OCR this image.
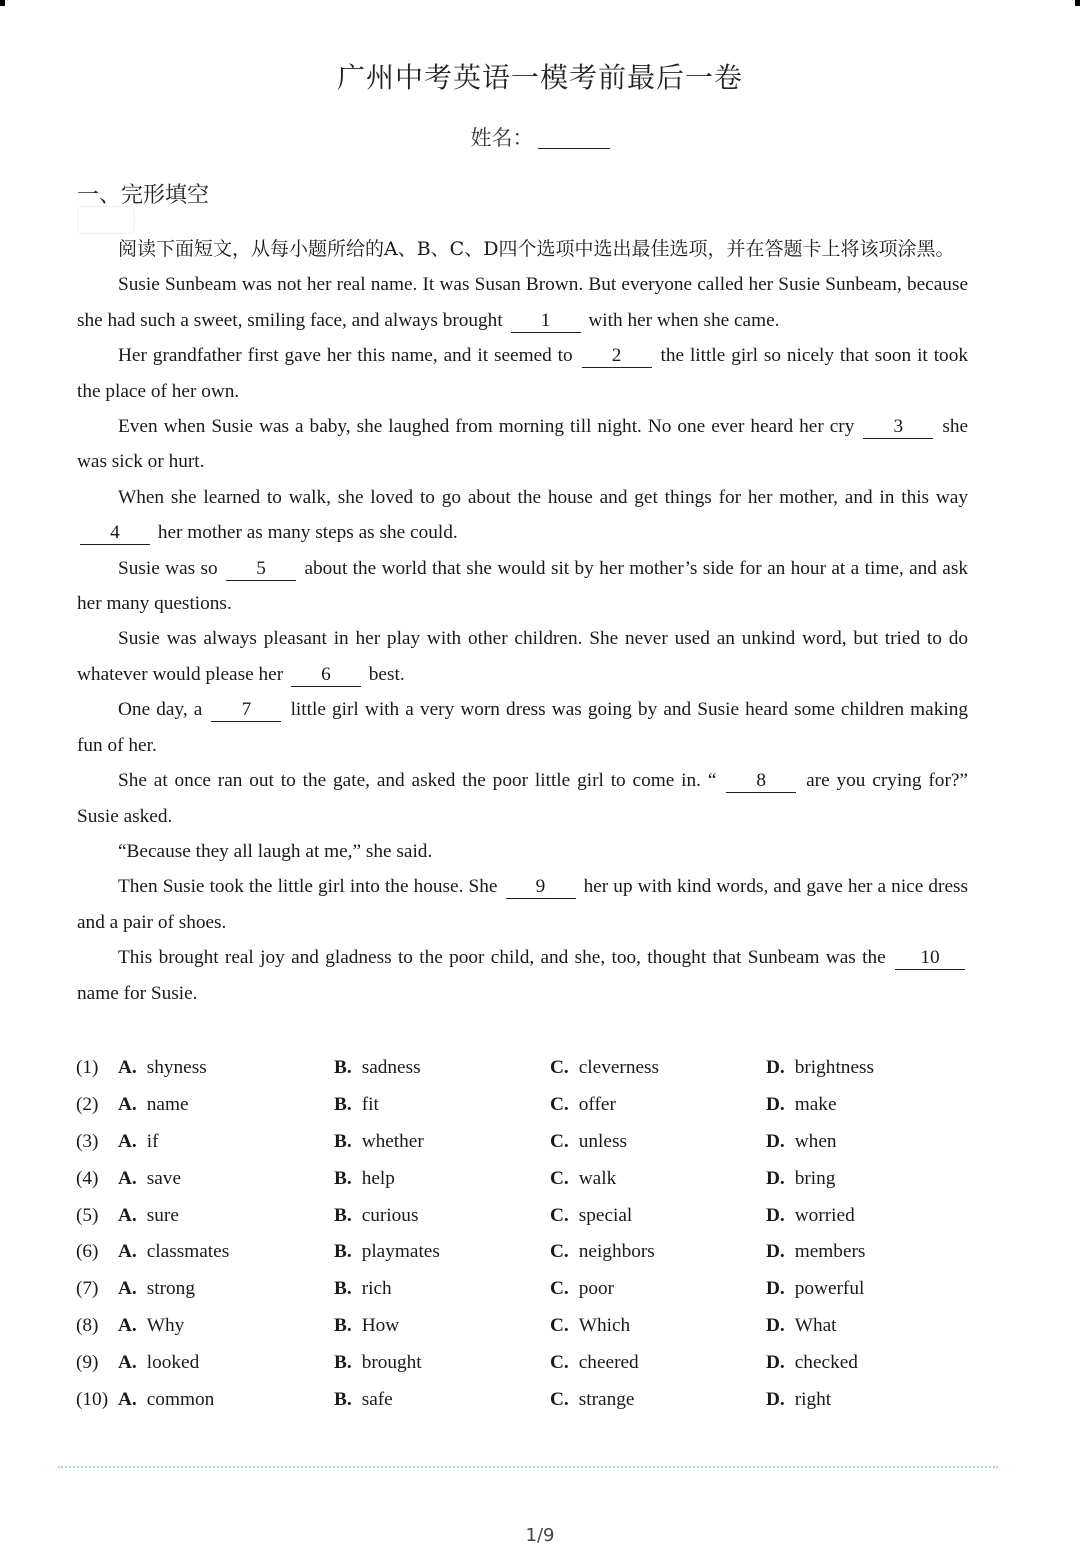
广州中考英语一模考前最后一卷
姓名：
一、完形填空

阅读下面短文，从每小题所给的A、B、C、D四个选项中选出最佳选项，并在答题卡上将该项涂黑。

Susie Sunbeam was not her real name. It was Susan Brown. But everyone called her Susie Sunbeam, because she had such a sweet, smiling face, and always brought 1 with her when she came.

Her grandfather first gave her this name, and it seemed to 2 the little girl so nicely that soon it took the place of her own.

Even when Susie was a baby, she laughed from morning till night. No one ever heard her cry 3 she was sick or hurt.

When she learned to walk, she loved to go about the house and get things for her mother, and in this way 4 her mother as many steps as she could.

Susie was so 5 about the world that she would sit by her mother’s side for an hour at a time, and ask her many questions.

Susie was always pleasant in her play with other children. She never used an unkind word, but tried to do whatever would please her 6 best.

One day, a 7 little girl with a very worn dress was going by and Susie heard some children making fun of her.

She at once ran out to the gate, and asked the poor little girl to come in. “ 8 are you crying for?” Susie asked.

“Because they all laugh at me,” she said.

Then Susie took the little girl into the house. She 9 her up with kind words, and gave her a nice dress and a pair of shoes.

This brought real joy and gladness to the poor child, and she, too, thought that Sunbeam was the 10 name for Susie.

(1) A. shyness	B. sadness	C. cleverness	D. brightness
(2) A. name	B. fit	C. offer	D. make
(3) A. if	B. whether	C. unless	D. when
(4) A. save	B. help	C. walk	D. bring
(5) A. sure	B. curious	C. special	D. worried
(6) A. classmates	B. playmates	C. neighbors	D. members
(7) A. strong	B. rich	C. poor	D. powerful
(8) A. Why	B. How	C. Which	D. What
(9) A. looked	B. brought	C. cheered	D. checked
(10) A. common	B. safe	C. strange	D. right
1/9
